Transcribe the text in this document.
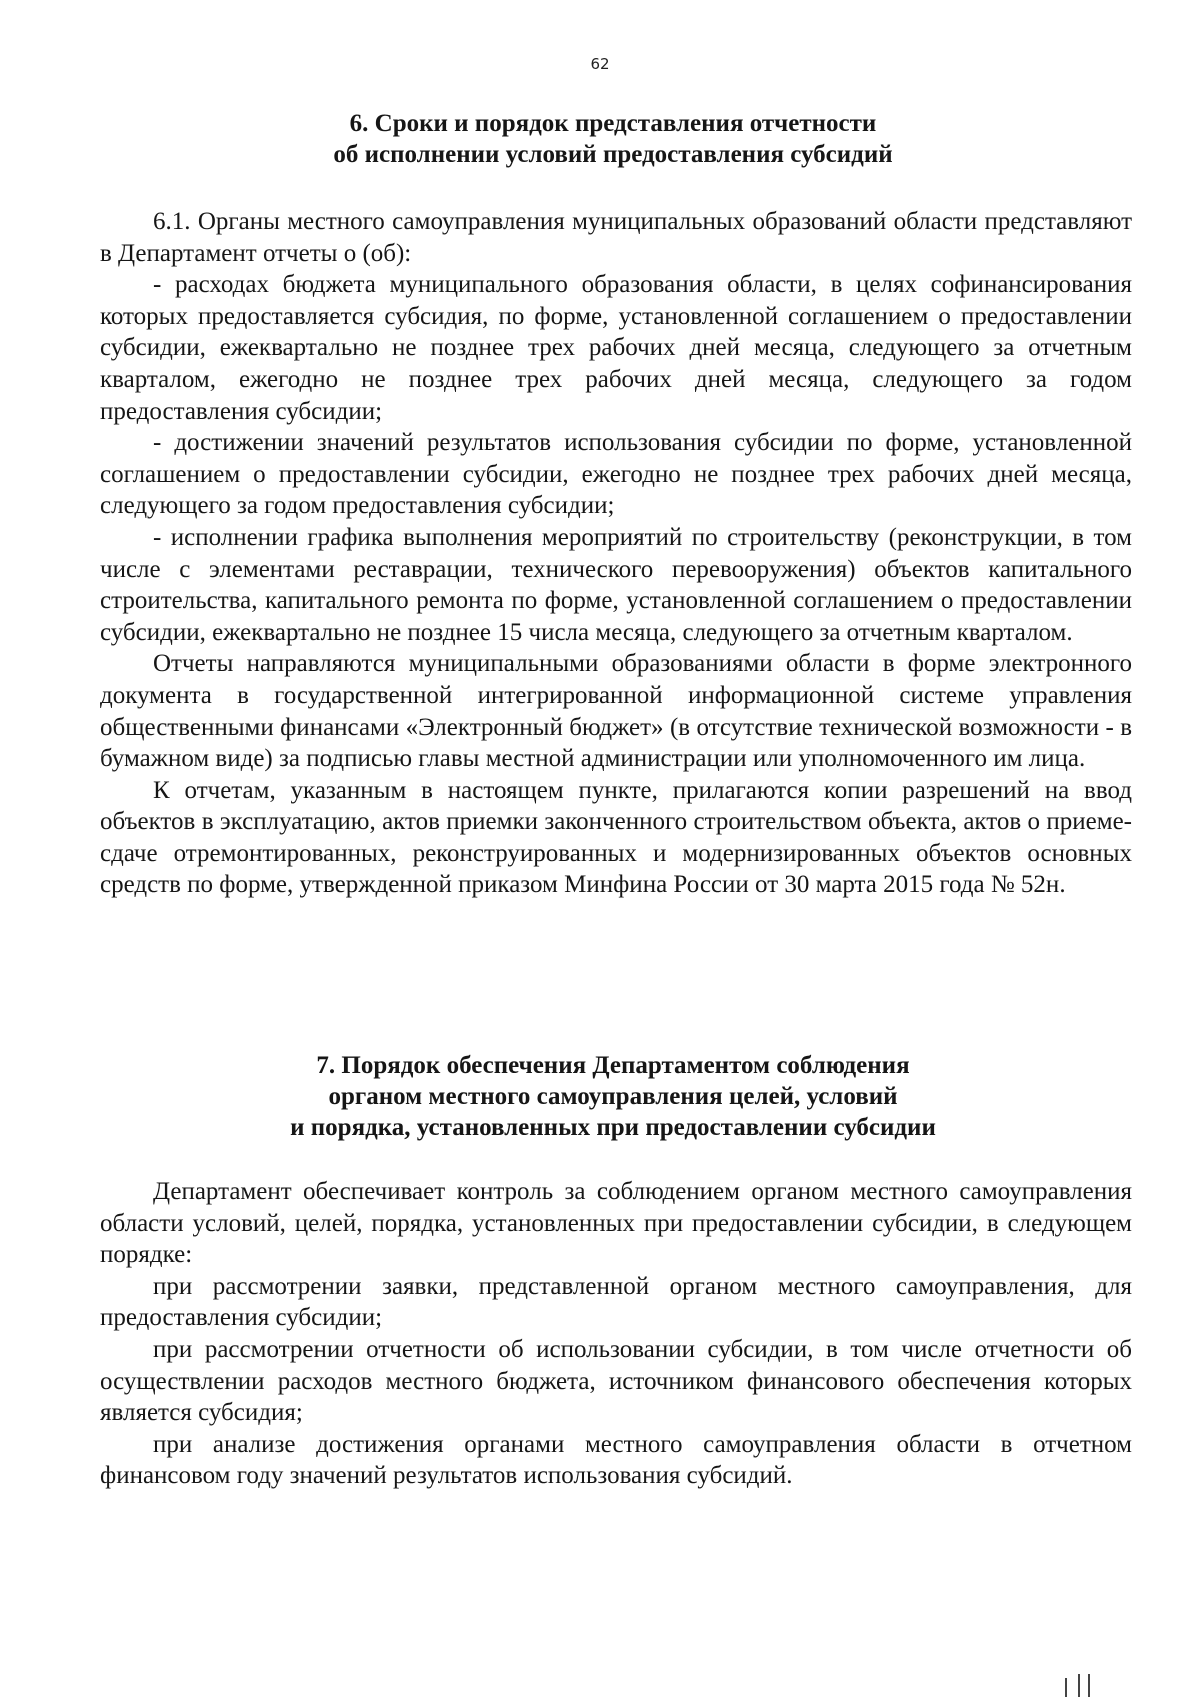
62
6. Сроки и порядок представления отчетности
об исполнении условий предоставления субсидий

6.1. Органы местного самоуправления муниципальных образований области представляют в Департамент отчеты о (об):

- расходах бюджета муниципального образования области, в целях софинансирования которых предоставляется субсидия, по форме, установленной соглашением о предоставлении субсидии, ежеквартально не позднее трех рабочих дней месяца, следующего за отчетным кварталом, ежегодно не позднее трех рабочих дней месяца, следующего за годом предоставления субсидии;

- достижении значений результатов использования субсидии по форме, установленной соглашением о предоставлении субсидии, ежегодно не позднее трех рабочих дней месяца, следующего за годом предоставления субсидии;

- исполнении графика выполнения мероприятий по строительству (реконструкции, в том числе с элементами реставрации, технического перевооружения) объектов капитального строительства, капитального ремонта по форме, установленной соглашением о предоставлении субсидии, ежеквартально не позднее 15 числа месяца, следующего за отчетным кварталом.

Отчеты направляются муниципальными образованиями области в форме электронного документа в государственной интегрированной информационной системе управления общественными финансами «Электронный бюджет» (в отсутствие технической возможности - в бумажном виде) за подписью главы местной администрации или уполномоченного им лица.

К отчетам, указанным в настоящем пункте, прилагаются копии разрешений на ввод объектов в эксплуатацию, актов приемки законченного строительством объекта, актов о приеме-сдаче отремонтированных, реконструированных и модернизированных объектов основных средств по форме, утвержденной приказом Минфина России от 30 марта 2015 года № 52н.

7. Порядок обеспечения Департаментом соблюдения
органом местного самоуправления целей, условий
и порядка, установленных при предоставлении субсидии

Департамент обеспечивает контроль за соблюдением органом местного самоуправления области условий, целей, порядка, установленных при предоставлении субсидии, в следующем порядке:

при рассмотрении заявки, представленной органом местного самоуправления, для предоставления субсидии;

при рассмотрении отчетности об использовании субсидии, в том числе отчетности об осуществлении расходов местного бюджета, источником финансового обеспечения которых является субсидия;

при анализе достижения органами местного самоуправления области в отчетном финансовом году значений результатов использования субсидий.
